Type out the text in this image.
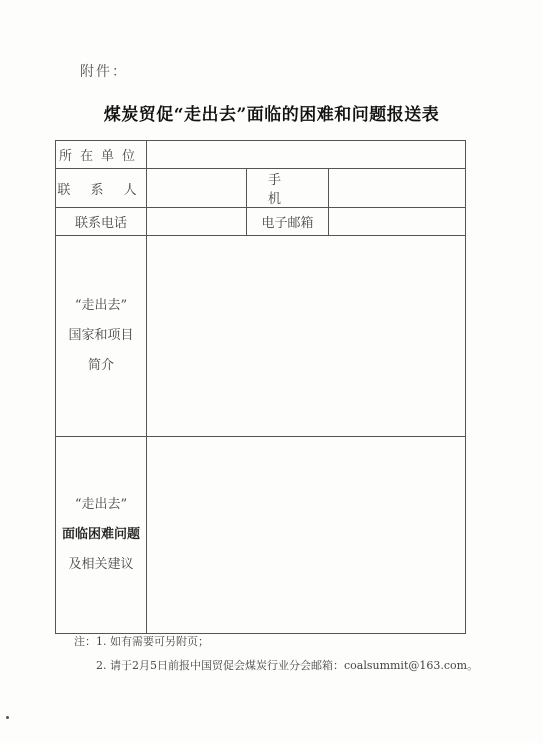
附件：
煤炭贸促“走出去”面临的困难和问题报送表
所在单位			
联 系 人		手 机	
联系电话		电子邮箱	

“走出去”
国家和项目
简介			

“走出去”
面临困难问题
及相关建议			

注：1. 如有需要可另附页；
2. 请于2月5日前报中国贸促会煤炭行业分会邮箱：coalsummit@163.com。
